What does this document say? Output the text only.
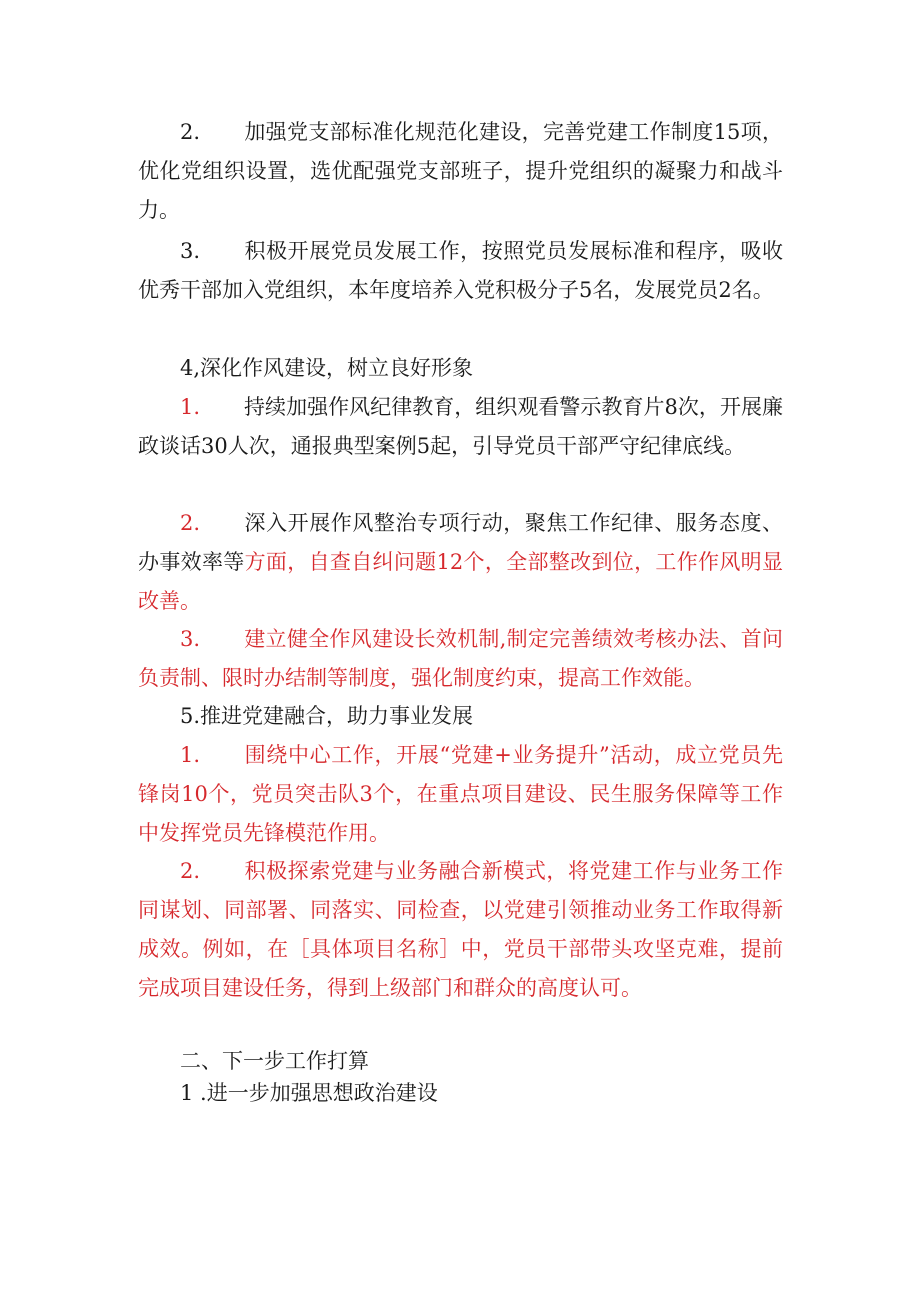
2. 加强党支部标准化规范化建设，完善党建工作制度15项，优化党组织设置，选优配强党支部班子，提升党组织的凝聚力和战斗力。

3. 积极开展党员发展工作，按照党员发展标准和程序，吸收优秀干部加入党组织，本年度培养入党积极分子5名，发展党员2名。

4,深化作风建设，树立良好形象

1. 持续加强作风纪律教育，组织观看警示教育片8次，开展廉政谈话30人次，通报典型案例5起，引导党员干部严守纪律底线。

2. 深入开展作风整治专项行动，聚焦工作纪律、服务态度、办事效率等方面，自查自纠问题12个，全部整改到位，工作作风明显改善。

3. 建立健全作风建设长效机制,制定完善绩效考核办法、首问负责制、限时办结制等制度，强化制度约束，提高工作效能。

5.推进党建融合，助力事业发展

1. 围绕中心工作，开展“党建+业务提升”活动，成立党员先锋岗10个，党员突击队3个，在重点项目建设、民生服务保障等工作中发挥党员先锋模范作用。

2. 积极探索党建与业务融合新模式，将党建工作与业务工作同谋划、同部署、同落实、同检查，以党建引领推动业务工作取得新成效。例如，在［具体项目名称］中，党员干部带头攻坚克难，提前完成项目建设任务，得到上级部门和群众的高度认可。

二、下一步工作打算

1 .进一步加强思想政治建设
